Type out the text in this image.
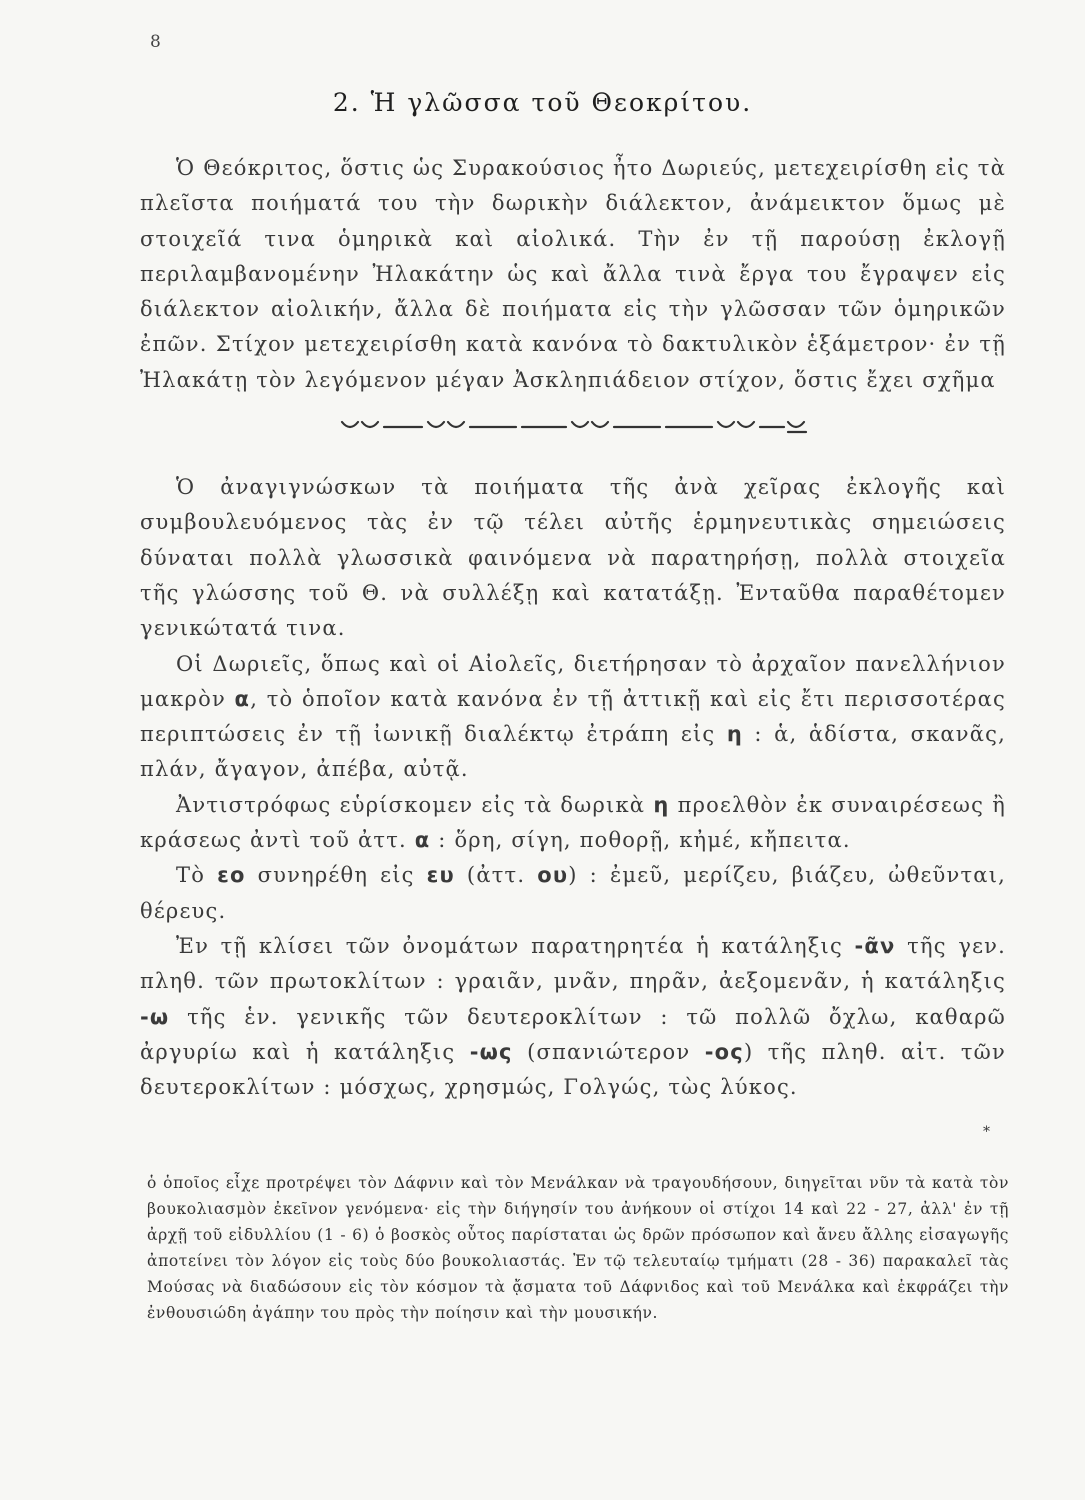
8
2. Ἡ γλῶσσα τοῦ Θεοκρίτου.

Ὁ Θεόκριτος, ὅστις ὡς Συρακούσιος ἦτο Δωριεύς, μετεχειρίσθη εἰς τὰ πλεῖστα ποιήματά του τὴν δωρικὴν διάλεκτον, ἀνάμεικτον ὅμως μὲ στοιχεῖά τινα ὁμηρικὰ καὶ αἰολικά. Τὴν ἐν τῇ παρούσῃ ἐκλογῇ περιλαμβανομένην Ἠλακάτην ὡς καὶ ἄλλα τινὰ ἔργα του ἔγραψεν εἰς διάλεκτον αἰολικήν, ἄλλα δὲ ποιήματα εἰς τὴν γλῶσσαν τῶν ὁμηρικῶν ἐπῶν. Στίχον μετεχειρίσθη κατὰ κανόνα τὸ δακτυλικὸν ἑξάμετρον· ἐν τῇ Ἠλακάτῃ τὸν λεγόμενον μέγαν Ἀσκληπιάδειον στίχον, ὅστις ἔχει σχῆμα

Ὁ ἀναγιγνώσκων τὰ ποιήματα τῆς ἀνὰ χεῖρας ἐκλογῆς καὶ συμβουλευόμενος τὰς ἐν τῷ τέλει αὐτῆς ἑρμηνευτικὰς σημειώσεις δύναται πολλὰ γλωσσικὰ φαινόμενα νὰ παρατηρήσῃ, πολλὰ στοιχεῖα τῆς γλώσσης τοῦ Θ. νὰ συλλέξῃ καὶ κατατάξῃ. Ἐνταῦθα παραθέτομεν γενικώτατά τινα.

Οἱ Δωριεῖς, ὅπως καὶ οἱ Αἰολεῖς, διετήρησαν τὸ ἀρχαῖον πανελλήνιον μακρὸν α, τὸ ὁποῖον κατὰ κανόνα ἐν τῇ ἀττικῇ καὶ εἰς ἔτι περισσοτέρας περιπτώσεις ἐν τῇ ἰωνικῇ διαλέκτῳ ἐτράπη εἰς η : ἁ, ἁδίστα, σκανᾶς, πλάν, ἄγαγον, ἀπέβα, αὐτᾷ.

Ἀντιστρόφως εὑρίσκομεν εἰς τὰ δωρικὰ η προελθὸν ἐκ συναιρέσεως ἢ κράσεως ἀντὶ τοῦ ἀττ. α : ὅρη, σίγη, ποθορῇ, κἠμέ, κἤπειτα.

Τὸ εο συνηρέθη εἰς ευ (ἀττ. ου) : ἐμεῦ, μερίζευ, βιάζευ, ὠθεῦνται, θέρευς.

Ἐν τῇ κλίσει τῶν ὀνομάτων παρατηρητέα ἡ κατάληξις -ᾶν τῆς γεν. πληθ. τῶν πρωτοκλίτων : γραιᾶν, μνᾶν, πηρᾶν, ἀεξομενᾶν, ἡ κατάληξις -ω τῆς ἑν. γενικῆς τῶν δευτεροκλίτων : τῶ πολλῶ ὄχλω, καθαρῶ ἀργυρίω καὶ ἡ κατάληξις -ως (σπανιώτερον -ος) τῆς πληθ. αἰτ. τῶν δευτεροκλίτων : μόσχως, χρησμώς, Γολγώς, τὼς λύκος.

*

ὁ ὁποῖος εἶχε προτρέψει τὸν Δάφνιν καὶ τὸν Μενάλκαν νὰ τραγουδήσουν, διηγεῖται νῦν τὰ κατὰ τὸν βουκολιασμὸν ἐκεῖνον γενόμενα· εἰς τὴν διήγησίν του ἀνήκουν οἱ στίχοι 14 καὶ 22 - 27, ἀλλ' ἐν τῇ ἀρχῇ τοῦ εἰδυλλίου (1 - 6) ὁ βοσκὸς οὗτος παρίσταται ὡς δρῶν πρόσωπον καὶ ἄνευ ἄλλης εἰσαγωγῆς ἀποτείνει τὸν λόγον εἰς τοὺς δύο βουκολιαστάς. Ἐν τῷ τελευταίῳ τμήματι (28 - 36) παρακαλεῖ τὰς Μούσας νὰ διαδώσουν εἰς τὸν κόσμον τὰ ᾄσματα τοῦ Δάφνιδος καὶ τοῦ Μενάλκα καὶ ἐκφράζει τὴν ἐνθουσιώδη ἀγάπην του πρὸς τὴν ποίησιν καὶ τὴν μουσικήν.
